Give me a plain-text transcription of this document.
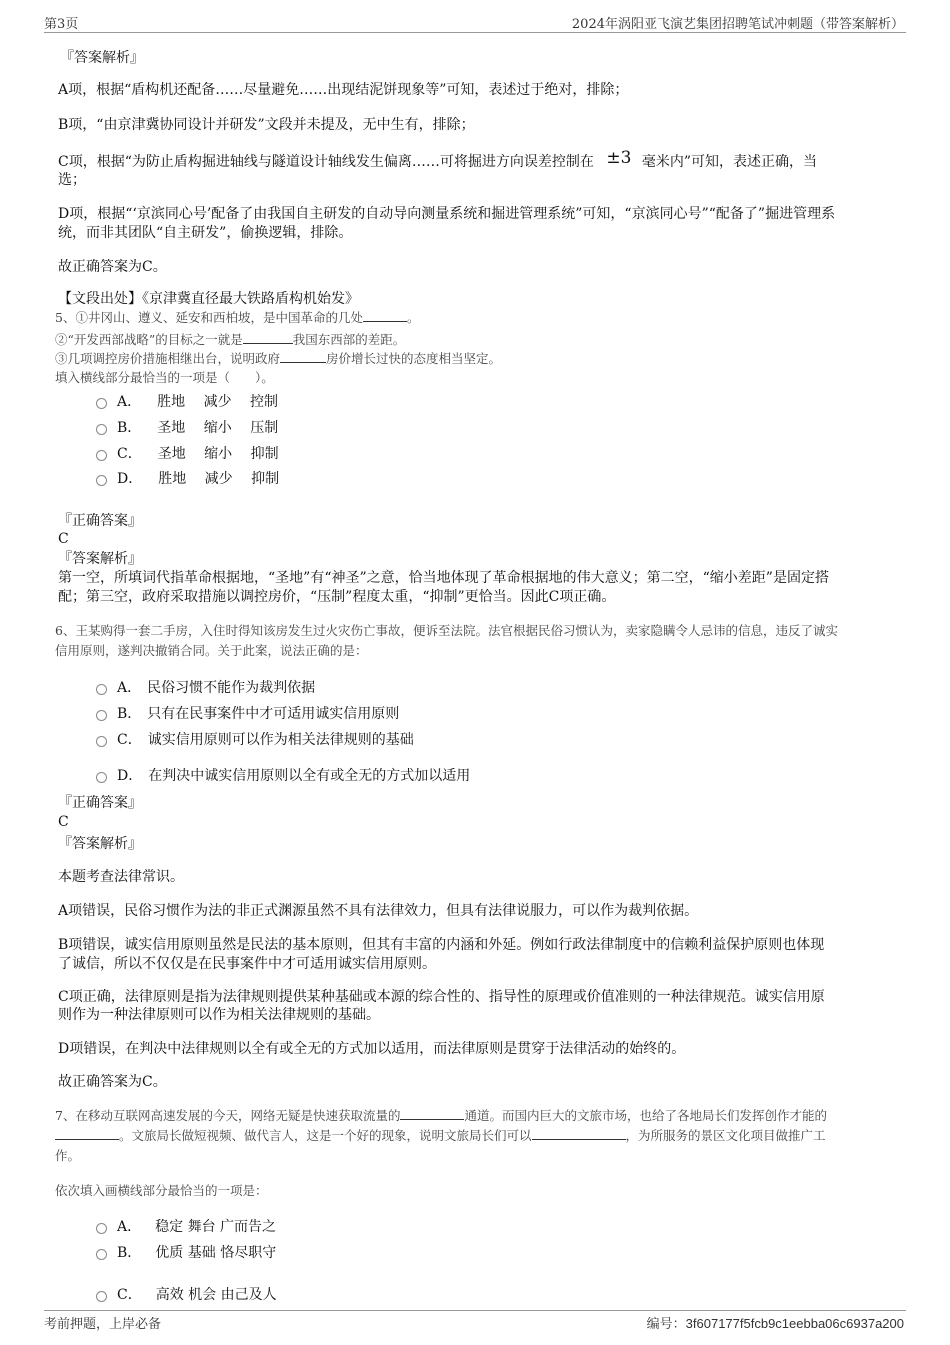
第3页	2024年涡阳亚飞演艺集团招聘笔试冲刺题（带答案解析）
『答案解析』
A项，根据“盾构机还配备……尽量避免……出现结泥饼现象等”可知，表述过于绝对，排除；
B项，“由京津冀协同设计并研发”文段并未提及，无中生有，排除；
C项，根据“为防止盾构掘进轴线与隧道设计轴线发生偏离……可将掘进方向误差控制在 ±3 毫米内”可知，表述正确，当
选；
D项，根据“‘京滨同心号’配备了由我国自主研发的自动导向测量系统和掘进管理系统”可知，“京滨同心号”“配备了”掘进管理系
统，而非其团队“自主研发”，偷换逻辑，排除。
故正确答案为C。
【文段出处】《京津冀直径最大铁路盾构机始发》
5、①井冈山、遵义、延安和西柏坡，是中国革命的几处	。
②“开发西部战略”的目标之一就是	我国东西部的差距。
③几项调控房价措施相继出台，说明政府	房价增长过快的态度相当坚定。
填入横线部分最恰当的一项是（　　）。
A． 胜地　 减少　 控制
B． 圣地　 缩小　 压制
C． 圣地　 缩小　 抑制
D． 胜地　 减少　 抑制
『正确答案』
C
『答案解析』
第一空，所填词代指革命根据地，“圣地”有“神圣”之意，恰当地体现了革命根据地的伟大意义；第二空，“缩小差距”是固定搭
配；第三空，政府采取措施以调控房价，“压制”程度太重，“抑制”更恰当。因此C项正确。
6、王某购得一套二手房，入住时得知该房发生过火灾伤亡事故，便诉至法院。法官根据民俗习惯认为，卖家隐瞒令人忌讳的信息，违反了诚实
信用原则，遂判决撤销合同。关于此案，说法正确的是：
A． 民俗习惯不能作为裁判依据
B． 只有在民事案件中才可适用诚实信用原则
C． 诚实信用原则可以作为相关法律规则的基础
D． 在判决中诚实信用原则以全有或全无的方式加以适用
『正确答案』
C
『答案解析』
本题考查法律常识。
A项错误，民俗习惯作为法的非正式渊源虽然不具有法律效力，但具有法律说服力，可以作为裁判依据。
B项错误，诚实信用原则虽然是民法的基本原则，但其有丰富的内涵和外延。例如行政法律制度中的信赖利益保护原则也体现
了诚信，所以不仅仅是在民事案件中才可适用诚实信用原则。
C项正确，法律原则是指为法律规则提供某种基础或本源的综合性的、指导性的原理或价值准则的一种法律规范。诚实信用原
则作为一种法律原则可以作为相关法律规则的基础。
D项错误，在判决中法律规则以全有或全无的方式加以适用，而法律原则是贯穿于法律活动的始终的。
故正确答案为C。
7、在移动互联网高速发展的今天，网络无疑是快速获取流量的	通道。而国内巨大的文旅市场，也给了各地局长们发挥创作才能的
。文旅局长做短视频、做代言人，这是一个好的现象，说明文旅局长们可以	，为所服务的景区文化项目做推广工
作。
依次填入画横线部分最恰当的一项是：
A． 稳定 舞台 广而告之
B． 优质 基础 恪尽职守
C． 高效 机会 由己及人
考前押题，上岸必备	编号：3f607177f5fcb9c1eebba06c6937a200
